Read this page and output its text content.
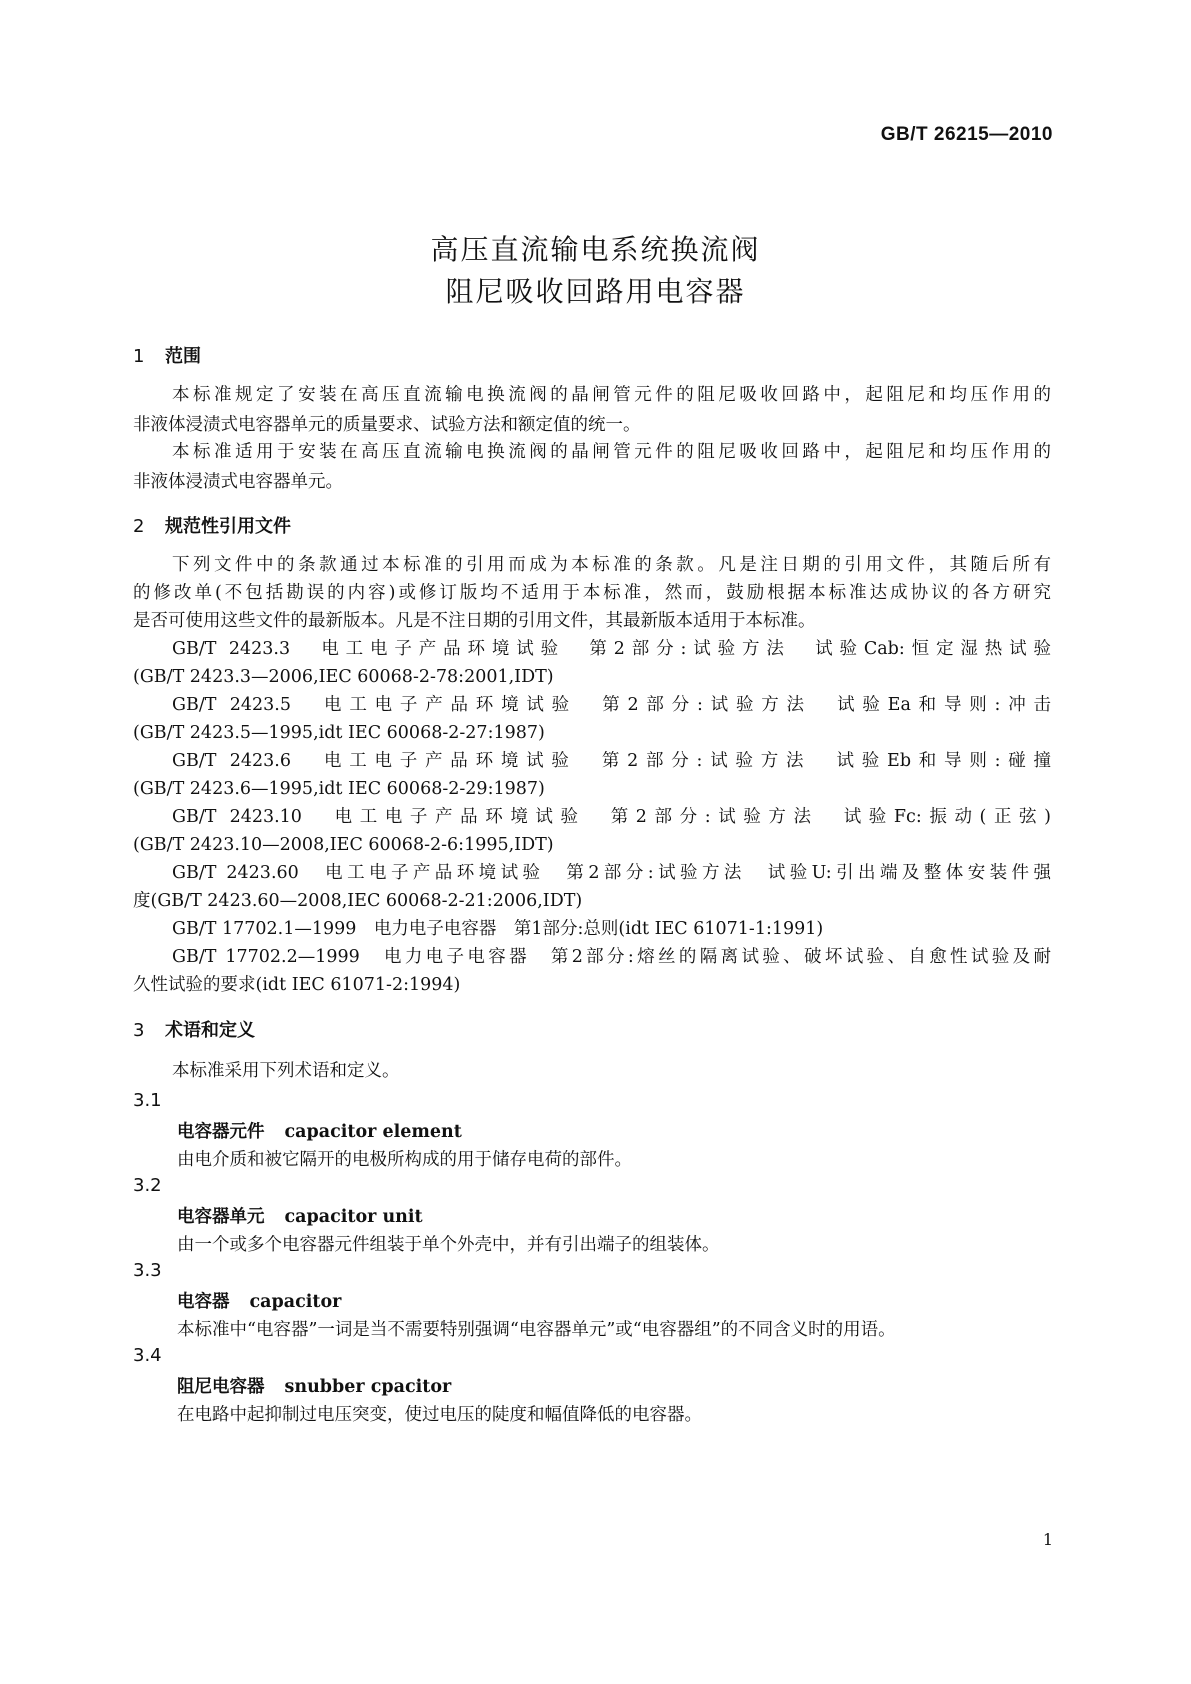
GB/T 26215—2010
高压直流输电系统换流阀
阻尼吸收回路用电容器
1 范围
本标准规定了安装在高压直流输电换流阀的晶闸管元件的阻尼吸收回路中，起阻尼和均压作用的
非液体浸渍式电容器单元的质量要求、试验方法和额定值的统一。
本标准适用于安装在高压直流输电换流阀的晶闸管元件的阻尼吸收回路中，起阻尼和均压作用的
非液体浸渍式电容器单元。
2 规范性引用文件
下列文件中的条款通过本标准的引用而成为本标准的条款。凡是注日期的引用文件，其随后所有
的修改单(不包括勘误的内容)或修订版均不适用于本标准，然而，鼓励根据本标准达成协议的各方研究
是否可使用这些文件的最新版本。凡是不注日期的引用文件，其最新版本适用于本标准。
GB/T 2423.3　电工电子产品环境试验　第2部分:试验方法　试验Cab:恒定湿热试验
(GB/T 2423.3—2006,IEC 60068-2-78:2001,IDT)
GB/T 2423.5　电工电子产品环境试验　第2部分:试验方法　试验Ea和导则:冲击
(GB/T 2423.5—1995,idt IEC 60068-2-27:1987)
GB/T 2423.6　电工电子产品环境试验　第2部分:试验方法　试验Eb和导则:碰撞
(GB/T 2423.6—1995,idt IEC 60068-2-29:1987)
GB/T 2423.10　电工电子产品环境试验　第2部分:试验方法　试验Fc:振动(正弦)
(GB/T 2423.10—2008,IEC 60068-2-6:1995,IDT)
GB/T 2423.60　电工电子产品环境试验　第2部分:试验方法　试验U:引出端及整体安装件强
度(GB/T 2423.60—2008,IEC 60068-2-21:2006,IDT)
GB/T 17702.1—1999　电力电子电容器　第1部分:总则(idt IEC 61071-1:1991)
GB/T 17702.2—1999　电力电子电容器　第2部分:熔丝的隔离试验、破坏试验、自愈性试验及耐
久性试验的要求(idt IEC 61071-2:1994)
3 术语和定义
本标准采用下列术语和定义。
3.1
电容器元件 capacitor element
由电介质和被它隔开的电极所构成的用于储存电荷的部件。
3.2
电容器单元 capacitor unit
由一个或多个电容器元件组装于单个外壳中，并有引出端子的组装体。
3.3
电容器 capacitor
本标准中“电容器”一词是当不需要特别强调“电容器单元”或“电容器组”的不同含义时的用语。
3.4
阻尼电容器 snubber cpacitor
在电路中起抑制过电压突变，使过电压的陡度和幅值降低的电容器。
1
